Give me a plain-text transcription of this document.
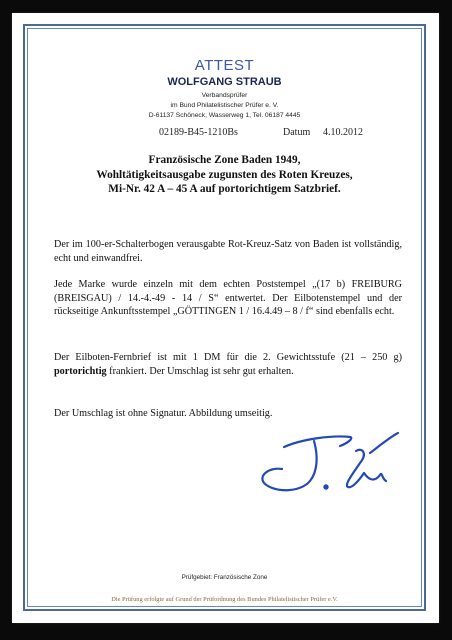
ATTEST
WOLFGANG STRAUB
Verbandsprüfer
im Bund Philatelistischer Prüfer e. V.
D-61137 Schöneck, Wasserweg 1, Tel. 06187 4445
02189-B45-1210Bs	Datum 4.10.2012
Französische Zone Baden 1949,
Wohltätigkeitsausgabe zugunsten des Roten Kreuzes,
Mi-Nr. 42 A – 45 A auf portorichtigem Satzbrief.
Der im 100-er-Schalterbogen verausgabte Rot-Kreuz-Satz von Baden ist vollständig, echt und einwandfrei.
Jede Marke wurde einzeln mit dem echten Poststempel „(17 b) FREIBURG (BREISGAU) / 14.-4.-49 - 14 / S“ entwertet. Der Eilbotenstempel und der rückseitige Ankunftsstempel „GÖTTINGEN 1 / 16.4.49 – 8 / f“ sind ebenfalls echt.
Der Eilboten-Fernbrief ist mit 1 DM für die 2. Gewichtsstufe (21 – 250 g) portorichtig frankiert. Der Umschlag ist sehr gut erhalten.
Der Umschlag ist ohne Signatur. Abbildung umseitig.
Prüfgebiet: Französische Zone
Die Prüfung erfolgte auf Grund der Prüfordnung des Bundes Philatelistischer Prüfer e.V.
